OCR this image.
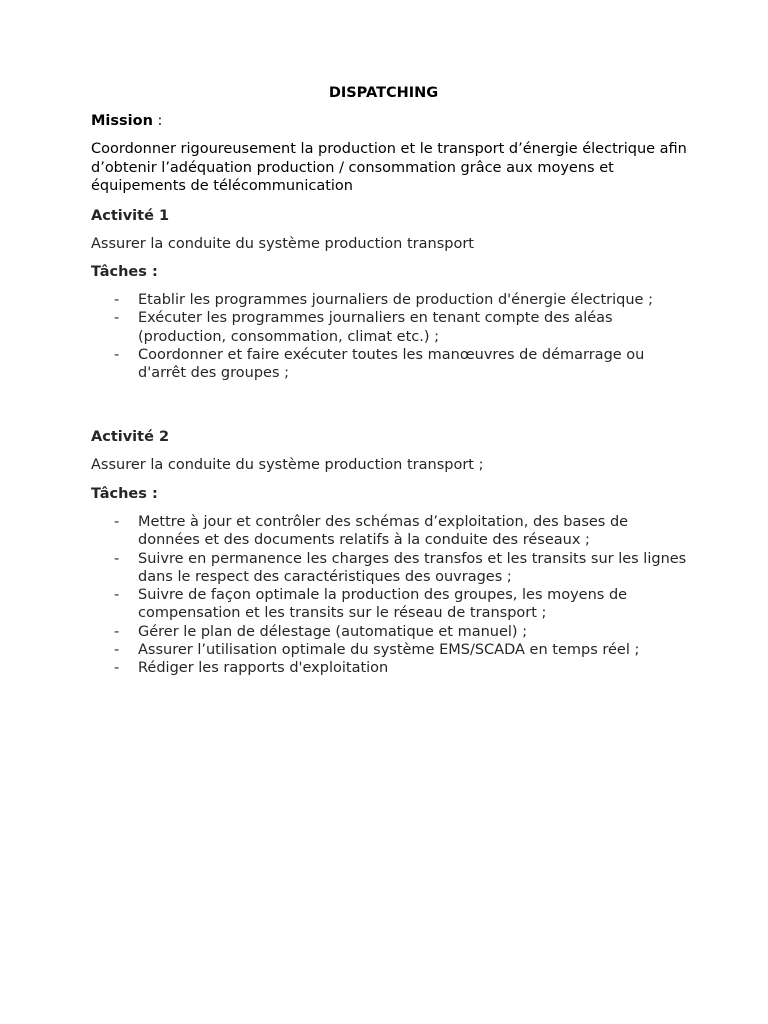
DISPATCHING
Mission :
Coordonner rigoureusement la production et le transport d’énergie électrique afin d’obtenir l’adéquation production / consommation grâce aux moyens et équipements de télécommunication
Activité 1
Assurer la conduite du système production transport
Tâches :
- Etablir les programmes journaliers de production d'énergie électrique ;
- Exécuter les programmes journaliers en tenant compte des aléas (production, consommation, climat etc.) ;
- Coordonner et faire exécuter toutes les manœuvres de démarrage ou d'arrêt des groupes ;
Activité 2
Assurer la conduite du système production transport ;
Tâches :
- Mettre à jour et contrôler des schémas d’exploitation, des bases de données et des documents relatifs à la conduite des réseaux ;
- Suivre en permanence les charges des transfos et les transits sur les lignes dans le respect des caractéristiques des ouvrages ;
- Suivre de façon optimale la production des groupes, les moyens de compensation et les transits sur le réseau de transport ;
- Gérer le plan de délestage (automatique et manuel) ;
- Assurer l’utilisation optimale du système EMS/SCADA en temps réel ;
- Rédiger les rapports d'exploitation
